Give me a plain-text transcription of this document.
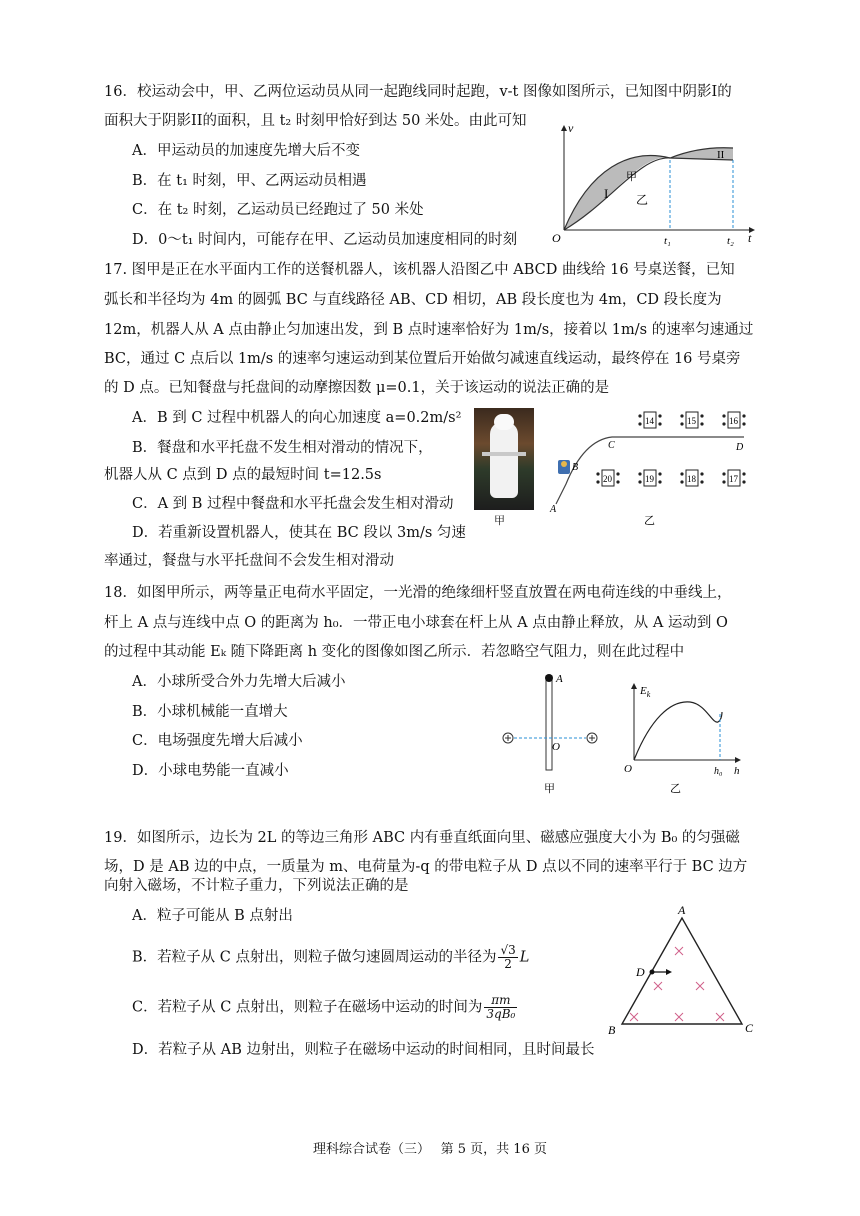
16．校运动会中，甲、乙两位运动员从同一起跑线同时起跑，v-t 图像如图所示，已知图中阴影I的
面积大于阴影II的面积，且 t₂ 时刻甲恰好到达 50 米处。由此可知
A．甲运动员的加速度先增大后不变
B．在 t₁ 时刻，甲、乙两运动员相遇
C．在 t₂ 时刻，乙运动员已经跑过了 50 米处
D．0～t₁ 时间内，可能存在甲、乙运动员加速度相同的时刻
v
O	t
t₁	t₂
I
II
甲
乙
17. 图甲是正在水平面内工作的送餐机器人，该机器人沿图乙中 ABCD 曲线给 16 号桌送餐，已知
弧长和半径均为 4m 的圆弧 BC 与直线路径 AB、CD 相切，AB 段长度也为 4m，CD 段长度为
12m，机器人从 A 点由静止匀加速出发，到 B 点时速率恰好为 1m/s，接着以 1m/s 的速率匀速通过
BC，通过 C 点后以 1m/s 的速率匀速运动到某位置后开始做匀减速直线运动，最终停在 16 号桌旁
的 D 点。已知餐盘与托盘间的动摩擦因数 μ=0.1，关于该运动的说法正确的是
A．B 到 C 过程中机器人的向心加速度 a=0.2m/s²
B．餐盘和水平托盘不发生相对滑动的情况下，
机器人从 C 点到 D 点的最短时间 t=12.5s
C．A 到 B 过程中餐盘和水平托盘会发生相对滑动
D．若重新设置机器人，使其在 BC 段以 3m/s 匀速
率通过，餐盘与水平托盘间不会发生相对滑动
甲
B
A
C	D
14	15	16
20	19	18	17
乙
18．如图甲所示，两等量正电荷水平固定，一光滑的绝缘细杆竖直放置在两电荷连线的中垂线上，
杆上 A 点与连线中点 O 的距离为 h₀．一带正电小球套在杆上从 A 点由静止释放，从 A 运动到 O
的过程中其动能 Eₖ 随下降距离 h 变化的图像如图乙所示．若忽略空气阻力，则在此过程中
A．小球所受合外力先增大后减小
B．小球机械能一直增大
C．电场强度先增大后减小
D．小球电势能一直减小
A
O
甲
$E_k$
O	h₀ h
乙
19．如图所示，边长为 2L 的等边三角形 ABC 内有垂直纸面向里、磁感应强度大小为 B₀ 的匀强磁
场，D 是 AB 边的中点，一质量为 m、电荷量为-q 的带电粒子从 D 点以不同的速率平行于 BC 边方
向射入磁场，不计粒子重力，下列说法正确的是
A．粒子可能从 B 点射出
B．若粒子从 C 点射出，则粒子做匀速圆周运动的半径为 $\frac{√3}{2}$ L
C．若粒子从 C 点射出，则粒子在磁场中运动的时间为 $\frac{\pi m}{\text{3qB₀}}$
D．若粒子从 AB 边射出，则粒子在磁场中运动的时间相同，且时间最长
A
B	C
D
理科综合试卷（三）　 第 5 页，共 16 页
